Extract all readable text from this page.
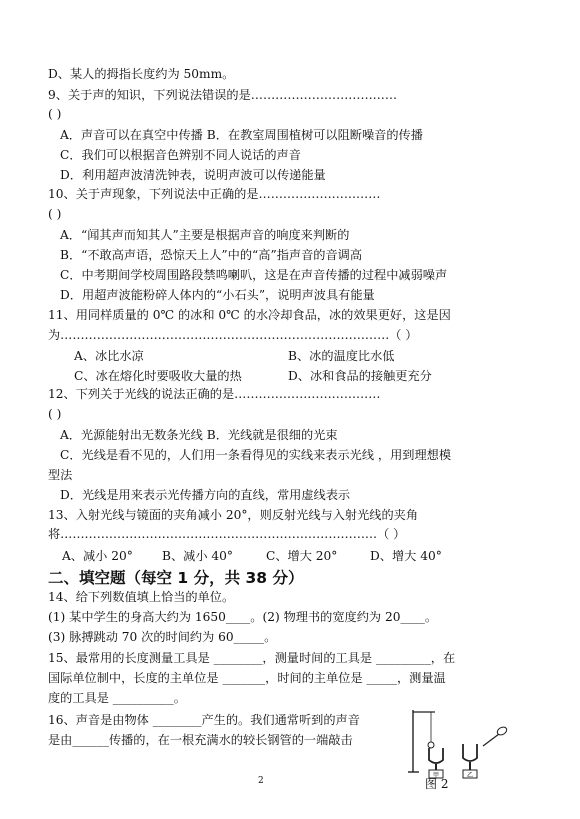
D、某人的拇指长度约为 50mm。
9、关于声的知识，下列说法错误的是………………………………
( )
A．声音可以在真空中传播 B．在教室周围植树可以阻断噪音的传播
C．我们可以根据音色辨别不同人说话的声音
D．利用超声波清洗钟表，说明声波可以传递能量
10、关于声现象，下列说法中正确的是…………………………
( )
A．“闻其声而知其人”主要是根据声音的响度来判断的
B．“不敢高声语，恐惊天上人”中的“高”指声音的音调高
C．中考期间学校周围路段禁鸣喇叭，这是在声音传播的过程中减弱噪声
D．用超声波能粉碎人体内的“小石头”，说明声波具有能量
11、用同样质量的 0℃ 的冰和 0℃ 的水冷却食品，冰的效果更好，这是因
为………………………………………………………………………（ ）
A、冰比水凉	B、冰的温度比水低
C、冰在熔化时要吸收大量的热	D、冰和食品的接触更充分
12、下列关于光线的说法正确的是………………………………
( )
A．光源能射出无数条光线 B．光线就是很细的光束
C．光线是看不见的，人们用一条看得见的实线来表示光线 ，用到理想模
型法
D．光线是用来表示光传播方向的直线，常用虚线表示
13、入射光线与镜面的夹角减小 20°，则反射光线与入射光线的夹角
将……………………………………………………………………（ ）
A、减小 20° B、减小 40°	C、增大 20°	D、增大 40°
二、填空题（每空 1 分，共 38 分）
14、给下列数值填上恰当的单位。
(1) 某中学生的身高大约为 1650____。(2) 物理书的宽度约为 20____。
(3) 脉搏跳动 70 次的时间约为 60_____。
15、最常用的长度测量工具是 ________，测量时间的工具是 _________，在
国际单位制中，长度的主单位是 _______，时间的主单位是 _____，测量温
度的工具是 __________。
16、声音是由物体 ________产生的。我们通常听到的声音
是由______传播的，在一根充满水的较长钢管的一端敲击
甲	乙
图 2
2
